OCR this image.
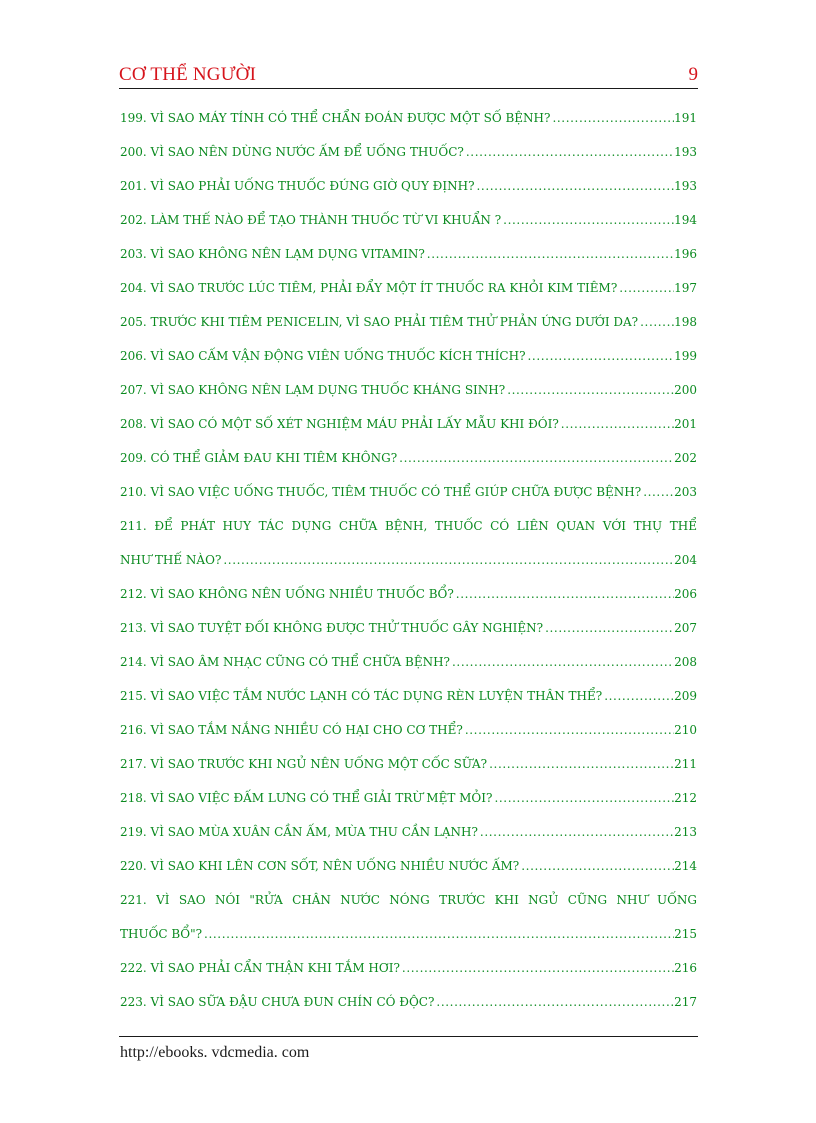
CƠ THỂ NGƯỜI	9
199. VÌ SAO MÁY TÍNH CÓ THỂ CHẨN ĐOÁN ĐƯỢC MỘT SỐ BỆNH? .....	191
200. VÌ SAO NÊN DÙNG NƯỚC ẤM ĐỂ UỐNG THUỐC? .....	193
201. VÌ SAO PHẢI UỐNG THUỐC ĐÚNG GIỜ QUY ĐỊNH? .....	193
202. LÀM THẾ NÀO ĐỂ TẠO THÀNH THUỐC TỪ VI KHUẨN ? .....	194
203. VÌ SAO KHÔNG NÊN LẠM DỤNG VITAMIN? .....	196
204. VÌ SAO TRƯỚC LÚC TIÊM, PHẢI ĐẨY MỘT ÍT THUỐC RA KHỎI KIM TIÊM? .....	197
205. TRƯỚC KHI TIÊM PENICELIN, VÌ SAO PHẢI TIÊM THỬ PHẢN ỨNG DƯỚI DA? .....	198
206. VÌ SAO CẤM VẬN ĐỘNG VIÊN UỐNG THUỐC KÍCH THÍCH? .....	199
207. VÌ SAO KHÔNG NÊN LẠM DỤNG THUỐC KHÁNG SINH? .....	200
208. VÌ SAO CÓ MỘT SỐ XÉT NGHIỆM MÁU PHẢI LẤY MẪU KHI ĐÓI? .....	201
209. CÓ THỂ GIẢM ĐAU KHI TIÊM KHÔNG? .....	202
210. VÌ SAO VIỆC UỐNG THUỐC, TIÊM THUỐC CÓ THỂ GIÚP CHỮA ĐƯỢC BỆNH? .....	203
211. ĐỂ PHÁT HUY TÁC DỤNG CHỮA BỆNH, THUỐC CÓ LIÊN QUAN VỚI THỤ THỂ
NHƯ THẾ NÀO? .....	204
212. VÌ SAO KHÔNG NÊN UỐNG NHIỀU THUỐC BỔ? .....	206
213. VÌ SAO TUYỆT ĐỐI KHÔNG ĐƯỢC THỬ THUỐC GÂY NGHIỆN? .....	207
214. VÌ SAO ÂM NHẠC CŨNG CÓ THỂ CHỮA BỆNH? .....	208
215. VÌ SAO VIỆC TẮM NƯỚC LẠNH CÓ TÁC DỤNG RÈN LUYỆN THÂN THỂ? .....	209
216. VÌ SAO TẮM NẮNG NHIỀU CÓ HẠI CHO CƠ THỂ? .....	210
217. VÌ SAO TRƯỚC KHI NGỦ NÊN UỐNG MỘT CỐC SỮA? .....	211
218. VÌ SAO VIỆC ĐẤM LƯNG CÓ THỂ GIẢI TRỪ MỆT MỎI? .....	212
219. VÌ SAO MÙA XUÂN CẦN ẤM, MÙA THU CẦN LẠNH? .....	213
220. VÌ SAO KHI LÊN CƠN SỐT, NÊN UỐNG NHIỀU NƯỚC ẤM? .....	214
221. VÌ SAO NÓI "RỬA CHÂN NƯỚC NÓNG TRƯỚC KHI NGỦ CŨNG NHƯ UỐNG
THUỐC BỔ"? .....	215
222. VÌ SAO PHẢI CẨN THẬN KHI TẮM HƠI? .....	216
223. VÌ SAO SỮA ĐẬU CHƯA ĐUN CHÍN CÓ ĐỘC? .....	217
http://ebooks. vdcmedia. com
